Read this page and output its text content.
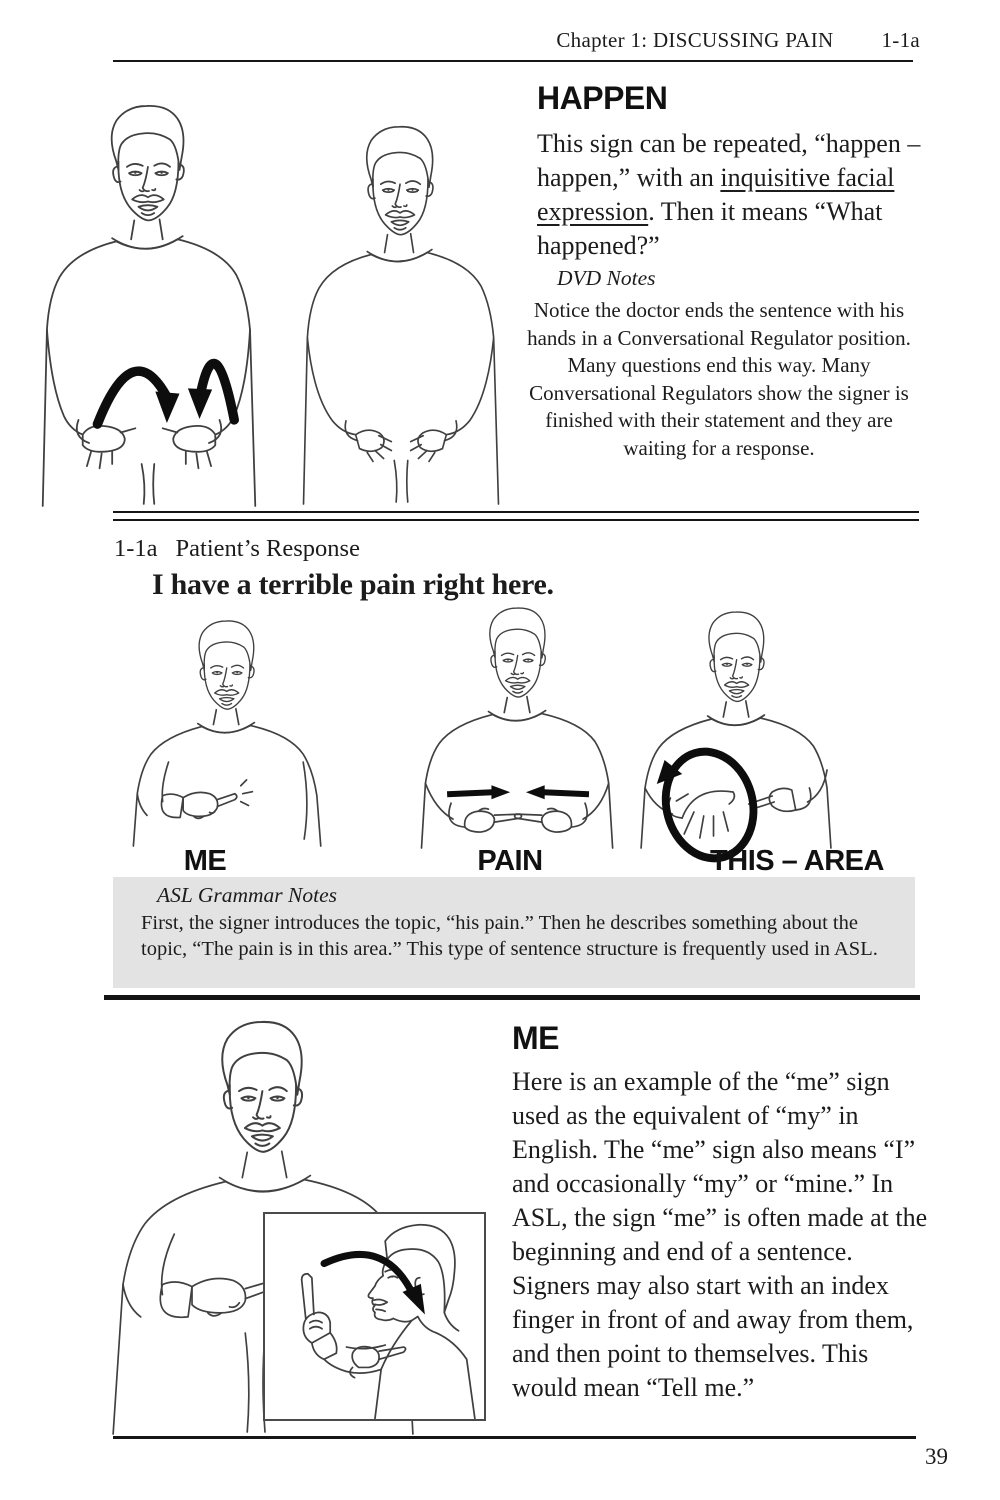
Chapter 1: DISCUSSING PAIN 1-1a
HAPPEN

This sign can be repeated, “happen – happen,” with an inquisitive facial expression. Then it means “What happened?”

DVD Notes

Notice the doctor ends the sentence with his hands in a Conversational Regulator position. Many questions end this way. Many Conversational Regulators show the signer is finished with their statement and they are waiting for a response.

1-1a Patient’s Response
I have a terrible pain right here.
ME	PAIN	THIS – AREA
ASL Grammar Notes

First, the signer introduces the topic, “his pain.” Then he describes something about the topic, “The pain is in this area.” This type of sentence structure is frequently used in ASL.

ME

Here is an example of the “me” sign used as the equivalent of “my” in English. The “me” sign also means “I” and occasionally “my” or “mine.” In ASL, the sign “me” is often made at the beginning and end of a sentence. Signers may also start with an index finger in front of and away from them, and then point to themselves. This would mean “Tell me.”

39
